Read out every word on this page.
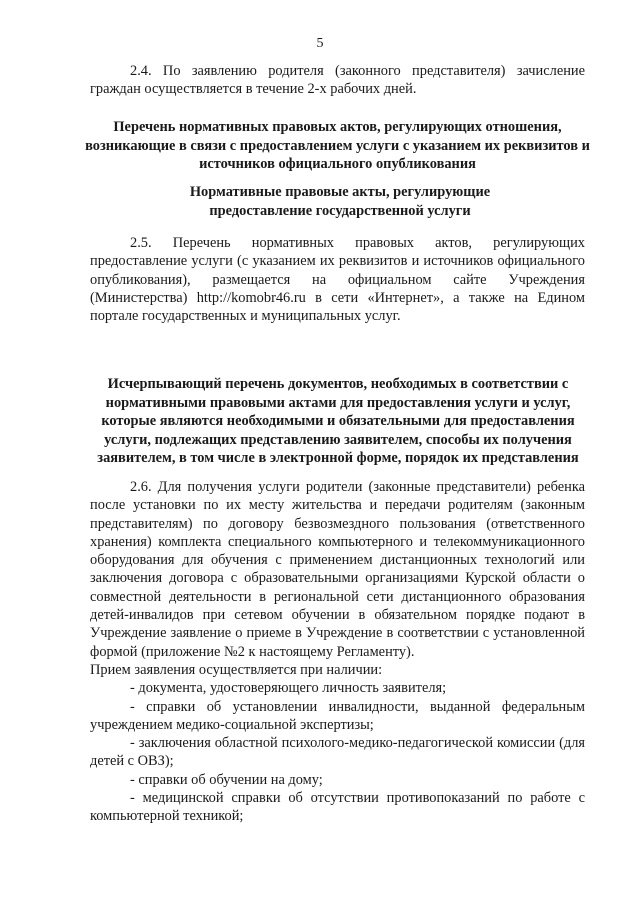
5

2.4. По заявлению родителя (законного представителя) зачисление граждан осуществляется в течение 2-х рабочих дней.

Перечень нормативных правовых актов, регулирующих отношения, возникающие в связи с предоставлением услуги с указанием их реквизитов и источников официального опубликования

Нормативные правовые акты, регулирующие предоставление государственной услуги

2.5. Перечень нормативных правовых актов, регулирующих предоставление услуги (с указанием их реквизитов и источников официального опубликования), размещается на официальном сайте Учреждения (Министерства) http://komobr46.ru в сети «Интернет», а также на Едином портале государственных и муниципальных услуг.

Исчерпывающий перечень документов, необходимых в соответствии с нормативными правовыми актами для предоставления услуги и услуг, которые являются необходимыми и обязательными для предоставления услуги, подлежащих представлению заявителем, способы их получения заявителем, в том числе в электронной форме, порядок их представления

2.6. Для получения услуги родители (законные представители) ребенка после установки по их месту жительства и передачи родителям (законным представителям) по договору безвозмездного пользования (ответственного хранения) комплекта специального компьютерного и телекоммуникационного оборудования для обучения с применением дистанционных технологий или заключения договора с образовательными организациями Курской области о совместной деятельности в региональной сети дистанционного образования детей-инвалидов при сетевом обучении в обязательном порядке подают в Учреждение заявление о приеме в Учреждение в соответствии с установленной формой (приложение №2 к настоящему Регламенту).

Прием заявления осуществляется при наличии:

- документа, удостоверяющего личность заявителя;

- справки об установлении инвалидности, выданной федеральным учреждением медико-социальной экспертизы;

- заключения областной психолого-медико-педагогической комиссии (для детей с ОВЗ);

- справки об обучении на дому;

- медицинской справки об отсутствии противопоказаний по работе с компьютерной техникой;
